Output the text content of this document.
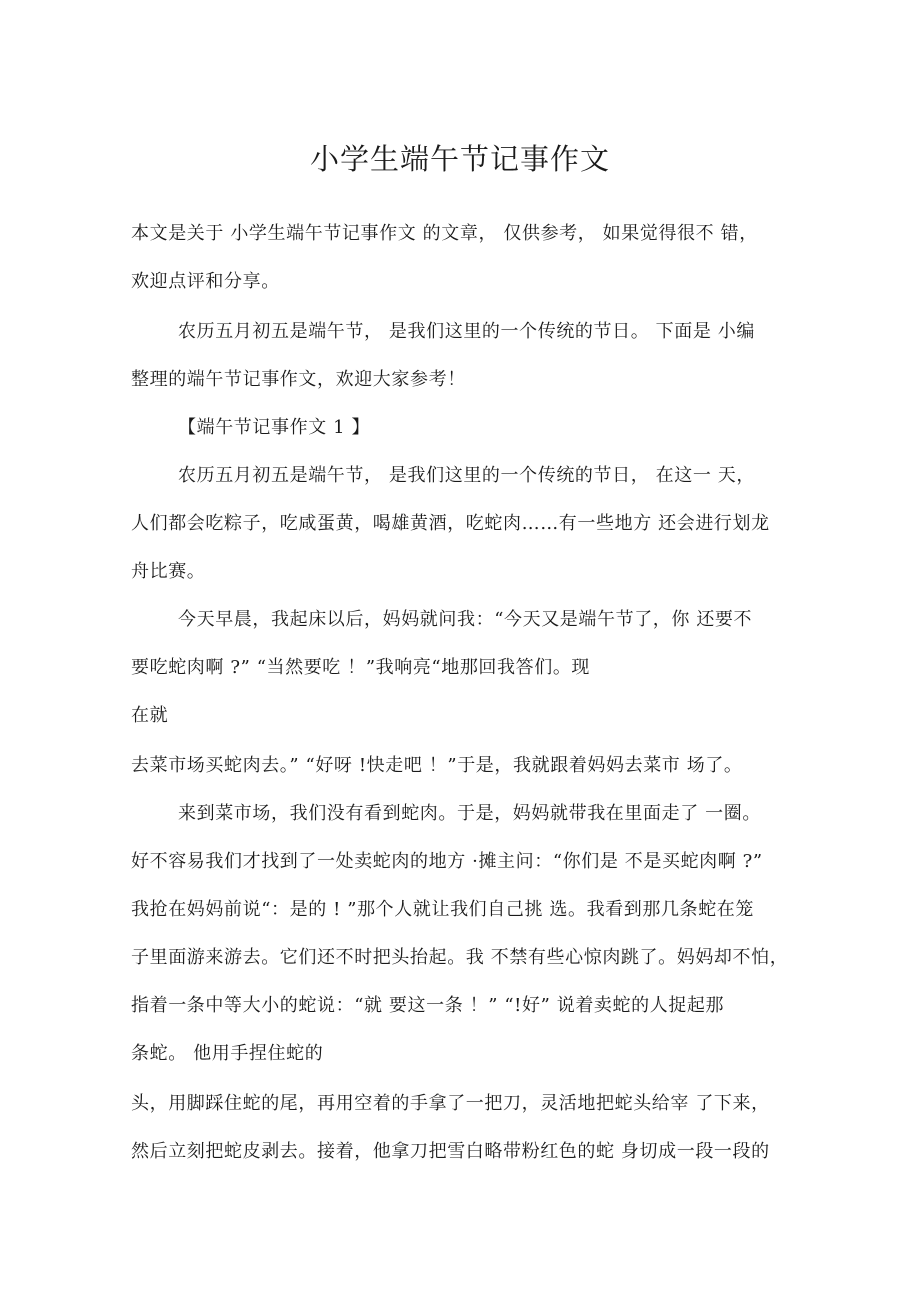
小学生端午节记事作文
本文是关于 小学生端午节记事作文 的文章， 仅供参考， 如果觉得很不 错，
欢迎点评和分享。
农历五月初五是端午节， 是我们这里的一个传统的节日。 下面是 小编
整理的端午节记事作文，欢迎大家参考！
【端午节记事作文 1 】
农历五月初五是端午节， 是我们这里的一个传统的节日， 在这一 天，
人们都会吃粽子，吃咸蛋黄，喝雄黄酒，吃蛇肉……有一些地方 还会进行划龙
舟比赛。
今天早晨，我起床以后，妈妈就问我：“今天又是端午节了，你 还要不
要吃蛇肉啊 ?” “当然要吃 ！”我响亮“地那回我答们。现
在就
去菜市场买蛇肉去。” “好呀 !快走吧 ！”于是，我就跟着妈妈去菜市 场了。
来到菜市场，我们没有看到蛇肉。于是，妈妈就带我在里面走了 一圈。
好不容易我们才找到了一处卖蛇肉的地方 ·摊主问：“你们是 不是买蛇肉啊 ?”
我抢在妈妈前说“：是的 ! ”那个人就让我们自己挑 选。我看到那几条蛇在笼
子里面游来游去。它们还不时把头抬起。我 不禁有些心惊肉跳了。妈妈却不怕，
指着一条中等大小的蛇说：“就 要这一条 ！” “!好” 说着卖蛇的人捉起那
条蛇。 他用手捏住蛇的
头，用脚踩住蛇的尾，再用空着的手拿了一把刀，灵活地把蛇头给宰 了下来，
然后立刻把蛇皮剥去。接着，他拿刀把雪白略带粉红色的蛇 身切成一段一段的
